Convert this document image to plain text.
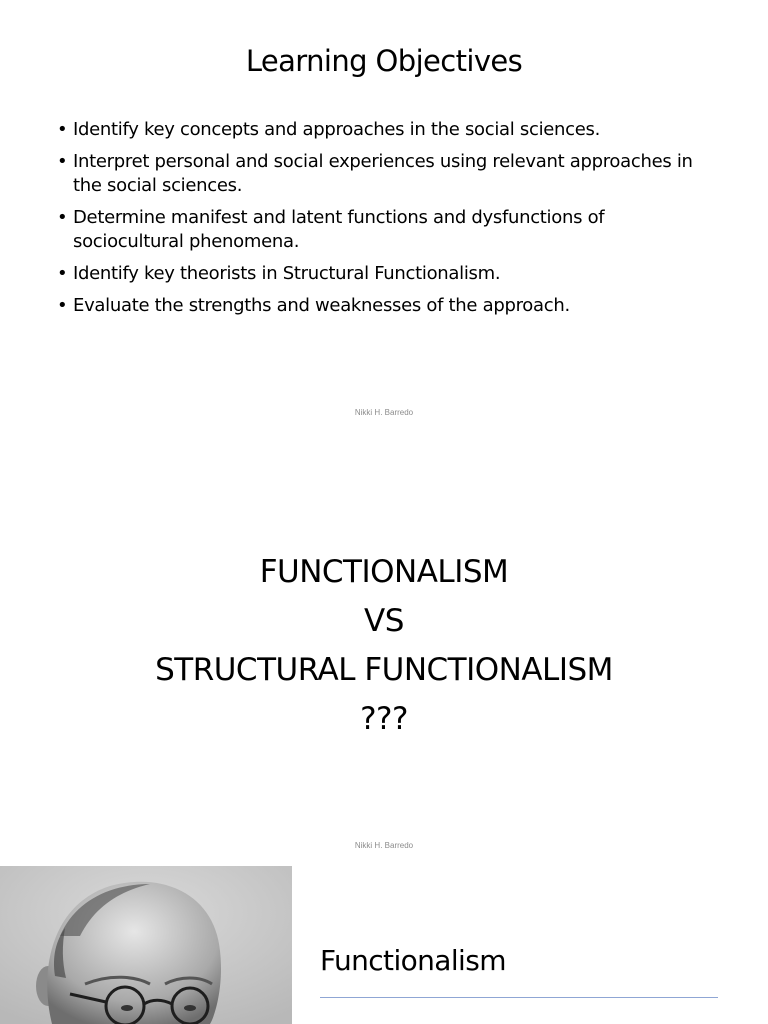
Learning Objectives
• Identify key concepts and approaches in the social sciences.
• Interpret personal and social experiences using relevant approaches in the social sciences.
• Determine manifest and latent functions and dysfunctions of sociocultural phenomena.
• Identify key theorists in Structural Functionalism.
• Evaluate the strengths and weaknesses of the approach.
Nikki H. Barredo
FUNCTIONALISM
VS
STRUCTURAL FUNCTIONALISM
???
Nikki H. Barredo
Functionalism
